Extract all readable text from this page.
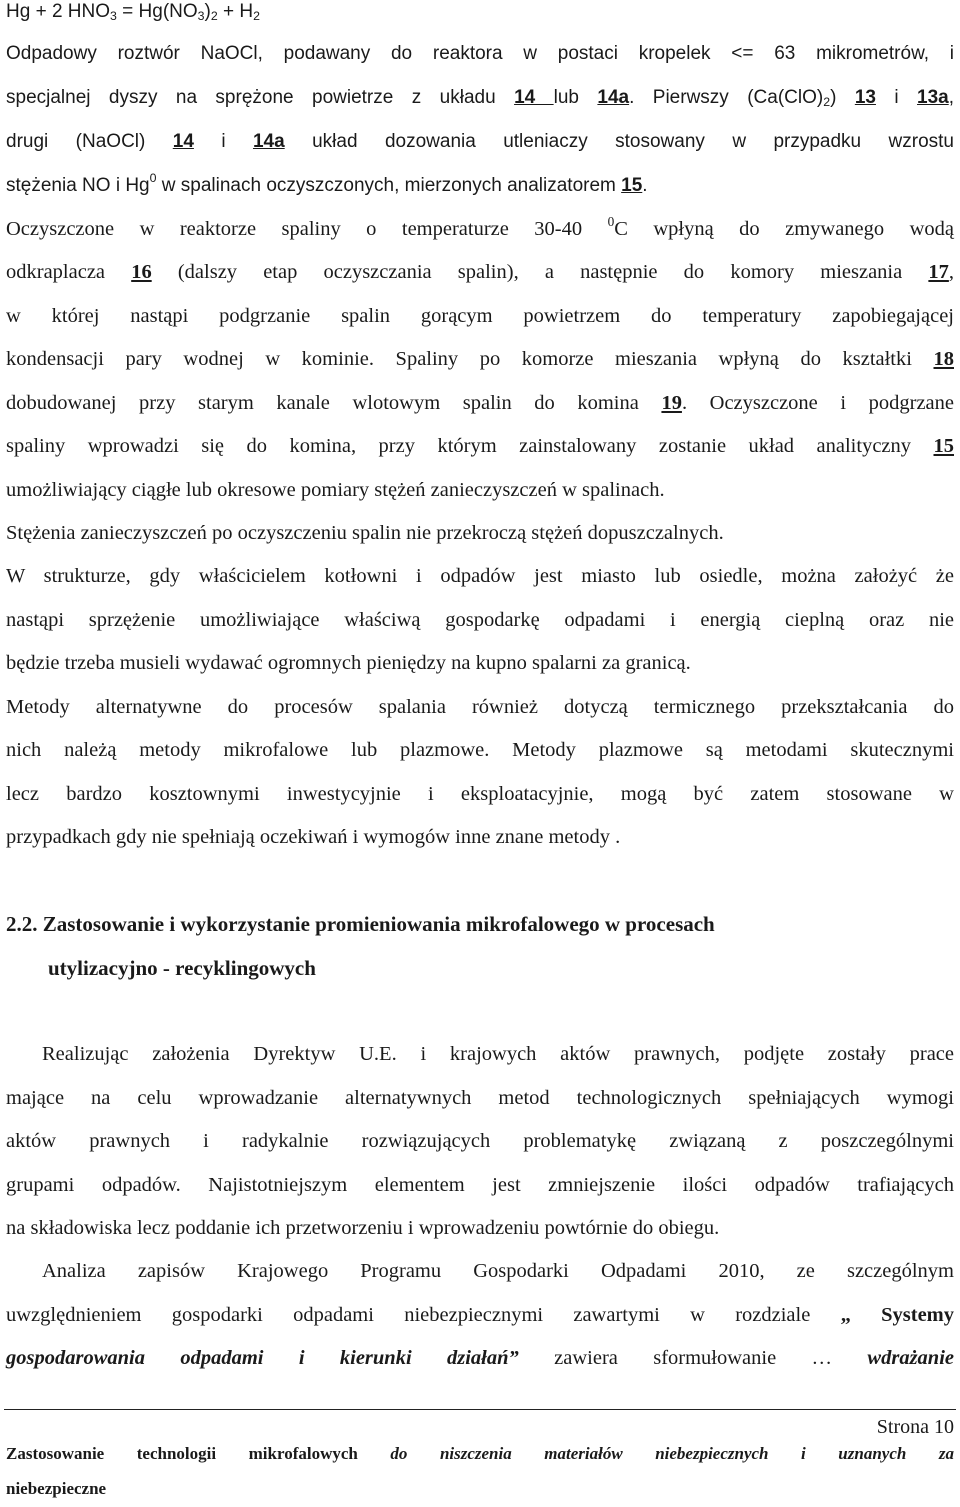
Hg + 2 $HNO_3 = Hg(NO_3)_2 + H_2$
Odpadowy roztwór NaOCl, podawany do reaktora w postaci kropelek <= 63 mikrometrów, i
specjalnej dyszy na sprężone powietrze z układu 14 lub 14a. Pierwszy $(Ca(ClO)_2)$ 13 i 13a,
drugi (NaOCl) 14 i 14a układ dozowania utleniaczy stosowany w przypadku wzrostu
stężenia NO i Hg$^0$ w spalinach oczyszczonych, mierzonych analizatorem 15.
Oczyszczone w reaktorze spaliny o temperaturze 30-40 $^0$C wpłyną do zmywanego wodą
odkraplacza 16 (dalszy etap oczyszczania spalin), a następnie do komory mieszania 17,
w której nastąpi podgrzanie spalin gorącym powietrzem do temperatury zapobiegającej
kondensacji pary wodnej w kominie. Spaliny po komorze mieszania wpłyną do kształtki 18
dobudowanej przy starym kanale wlotowym spalin do komina 19. Oczyszczone i podgrzane
spaliny wprowadzi się do komina, przy którym zainstalowany zostanie układ analityczny 15
umożliwiający ciągłe lub okresowe pomiary stężeń zanieczyszczeń w spalinach.
Stężenia zanieczyszczeń po oczyszczeniu spalin nie przekroczą stężeń dopuszczalnych.
W strukturze, gdy właścicielem kotłowni i odpadów jest miasto lub osiedle, można założyć że
nastąpi sprzężenie umożliwiające właściwą gospodarkę odpadami i energią cieplną oraz nie
będzie trzeba musieli wydawać ogromnych pieniędzy na kupno spalarni za granicą.
Metody alternatywne do procesów spalania również dotyczą termicznego przekształcania do
nich należą metody mikrofalowe lub plazmowe. Metody plazmowe są metodami skutecznymi
lecz bardzo kosztownymi inwestycyjnie i eksploatacyjnie, mogą być zatem stosowane w
przypadkach gdy nie spełniają oczekiwań i wymogów inne znane metody .
2.2. Zastosowanie i wykorzystanie promieniowania mikrofalowego w procesach
utylizacyjno - recyklingowych
Realizując założenia Dyrektyw U.E. i krajowych aktów prawnych, podjęte zostały prace
mające na celu wprowadzanie alternatywnych metod technologicznych spełniających wymogi
aktów prawnych i radykalnie rozwiązujących problematykę związaną z poszczególnymi
grupami odpadów. Najistotniejszym elementem jest zmniejszenie ilości odpadów trafiających
na składowiska lecz poddanie ich przetworzeniu i wprowadzeniu powtórnie do obiegu.
Analiza zapisów Krajowego Programu Gospodarki Odpadami 2010, ze szczególnym
uwzględnieniem gospodarki odpadami niebezpiecznymi zawartymi w rozdziale „ Systemy
gospodarowania odpadami i kierunki działań” zawiera sformułowanie … wdrażanie
Strona 10
Zastosowanie technologii mikrofalowych do niszczenia materiałów niebezpiecznych i uznanych za
niebezpieczne
